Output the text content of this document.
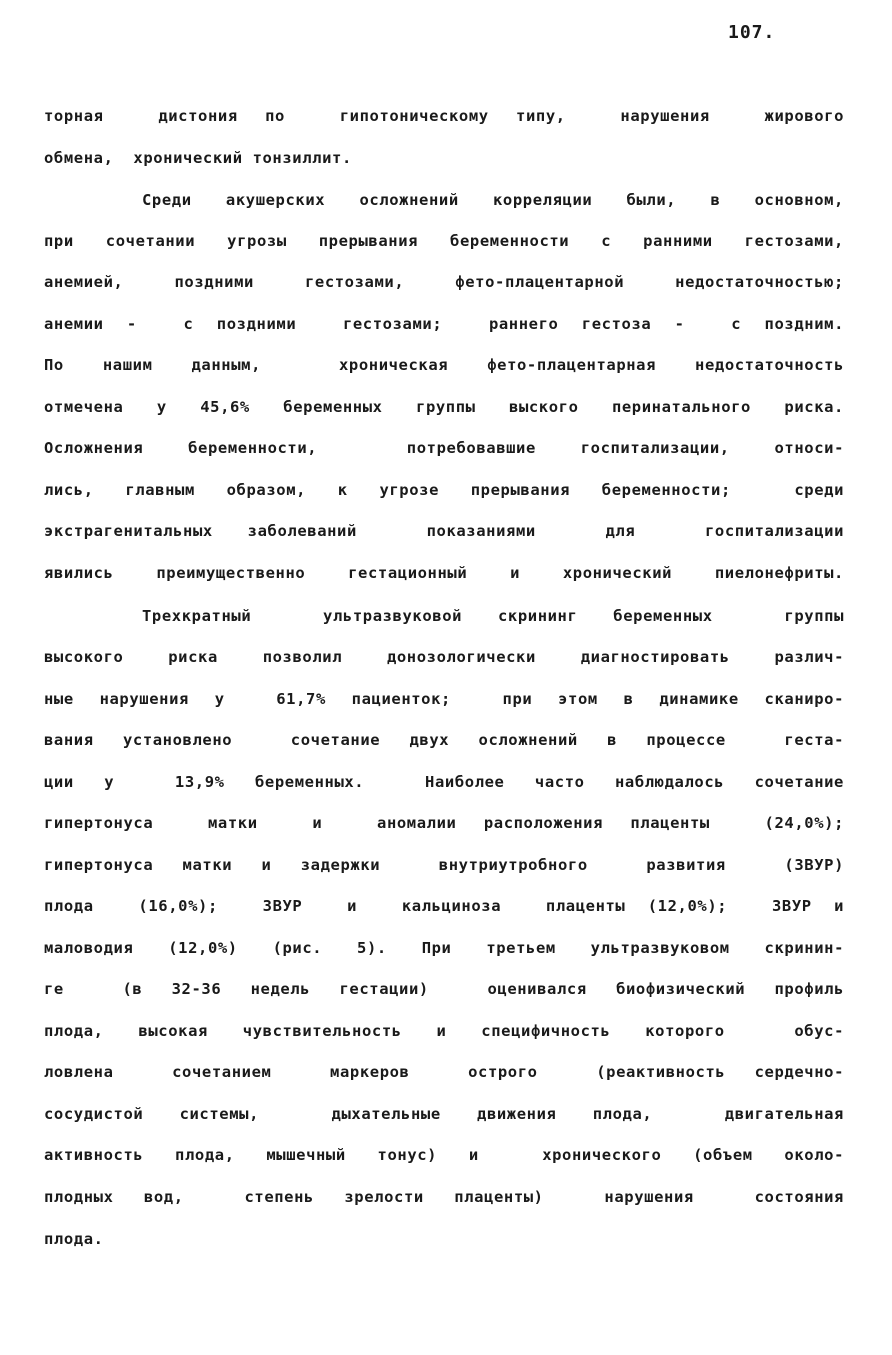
107.
торная  дистония по  гипотоническому типу,  нарушения  жирового
обмена,  хронический тонзиллит.
Среди акушерских осложнений корреляции были, в основном,
при сочетании угрозы прерывания беременности с ранними гестозами,
анемией, поздними гестозами, фето-плацентарной недостаточностью;
анемии -  с поздними  гестозами;  раннего гестоза -  с поздним.
По нашим данным,  хроническая фето-плацентарная недостаточность
отмечена у 45,6% беременных группы выского перинатального риска.
Осложнения беременности,  потребовавшие госпитализации, относи-
лись, главным образом, к угрозе прерывания беременности;  среди
экстрагенитальных заболеваний  показаниями  для  госпитализации
явились преимущественно гестационный и хронический пиелонефриты.
Трехкратный  ультразвуковой скрининг беременных  группы
высокого риска позволил донозологически диагностировать различ-
ные нарушения у  61,7% пациенток;  при этом в динамике сканиро-
вания установлено  сочетание двух осложнений в процессе  геста-
ции у  13,9% беременных.  Наиболее часто наблюдалось сочетание
гипертонуса  матки  и  аномалии расположения плаценты  (24,0%);
гипертонуса матки и задержки  внутриутробного  развития  (ЗВУР)
плода  (16,0%);  ЗВУР  и  кальциноза  плаценты (12,0%);  ЗВУР и
маловодия (12,0%) (рис. 5). При третьем ультразвуковом скринин-
ге  (в 32-36 недель гестации)  оценивался биофизический профиль
плода, высокая чувствительность и специфичность которого  обус-
ловлена  сочетанием  маркеров  острого  (реактивность сердечно-
сосудистой системы,  дыхательные движения плода,  двигательная
активность плода, мышечный тонус) и  хронического (объем около-
плодных вод,  степень зрелости плаценты)  нарушения  состояния
плода.
